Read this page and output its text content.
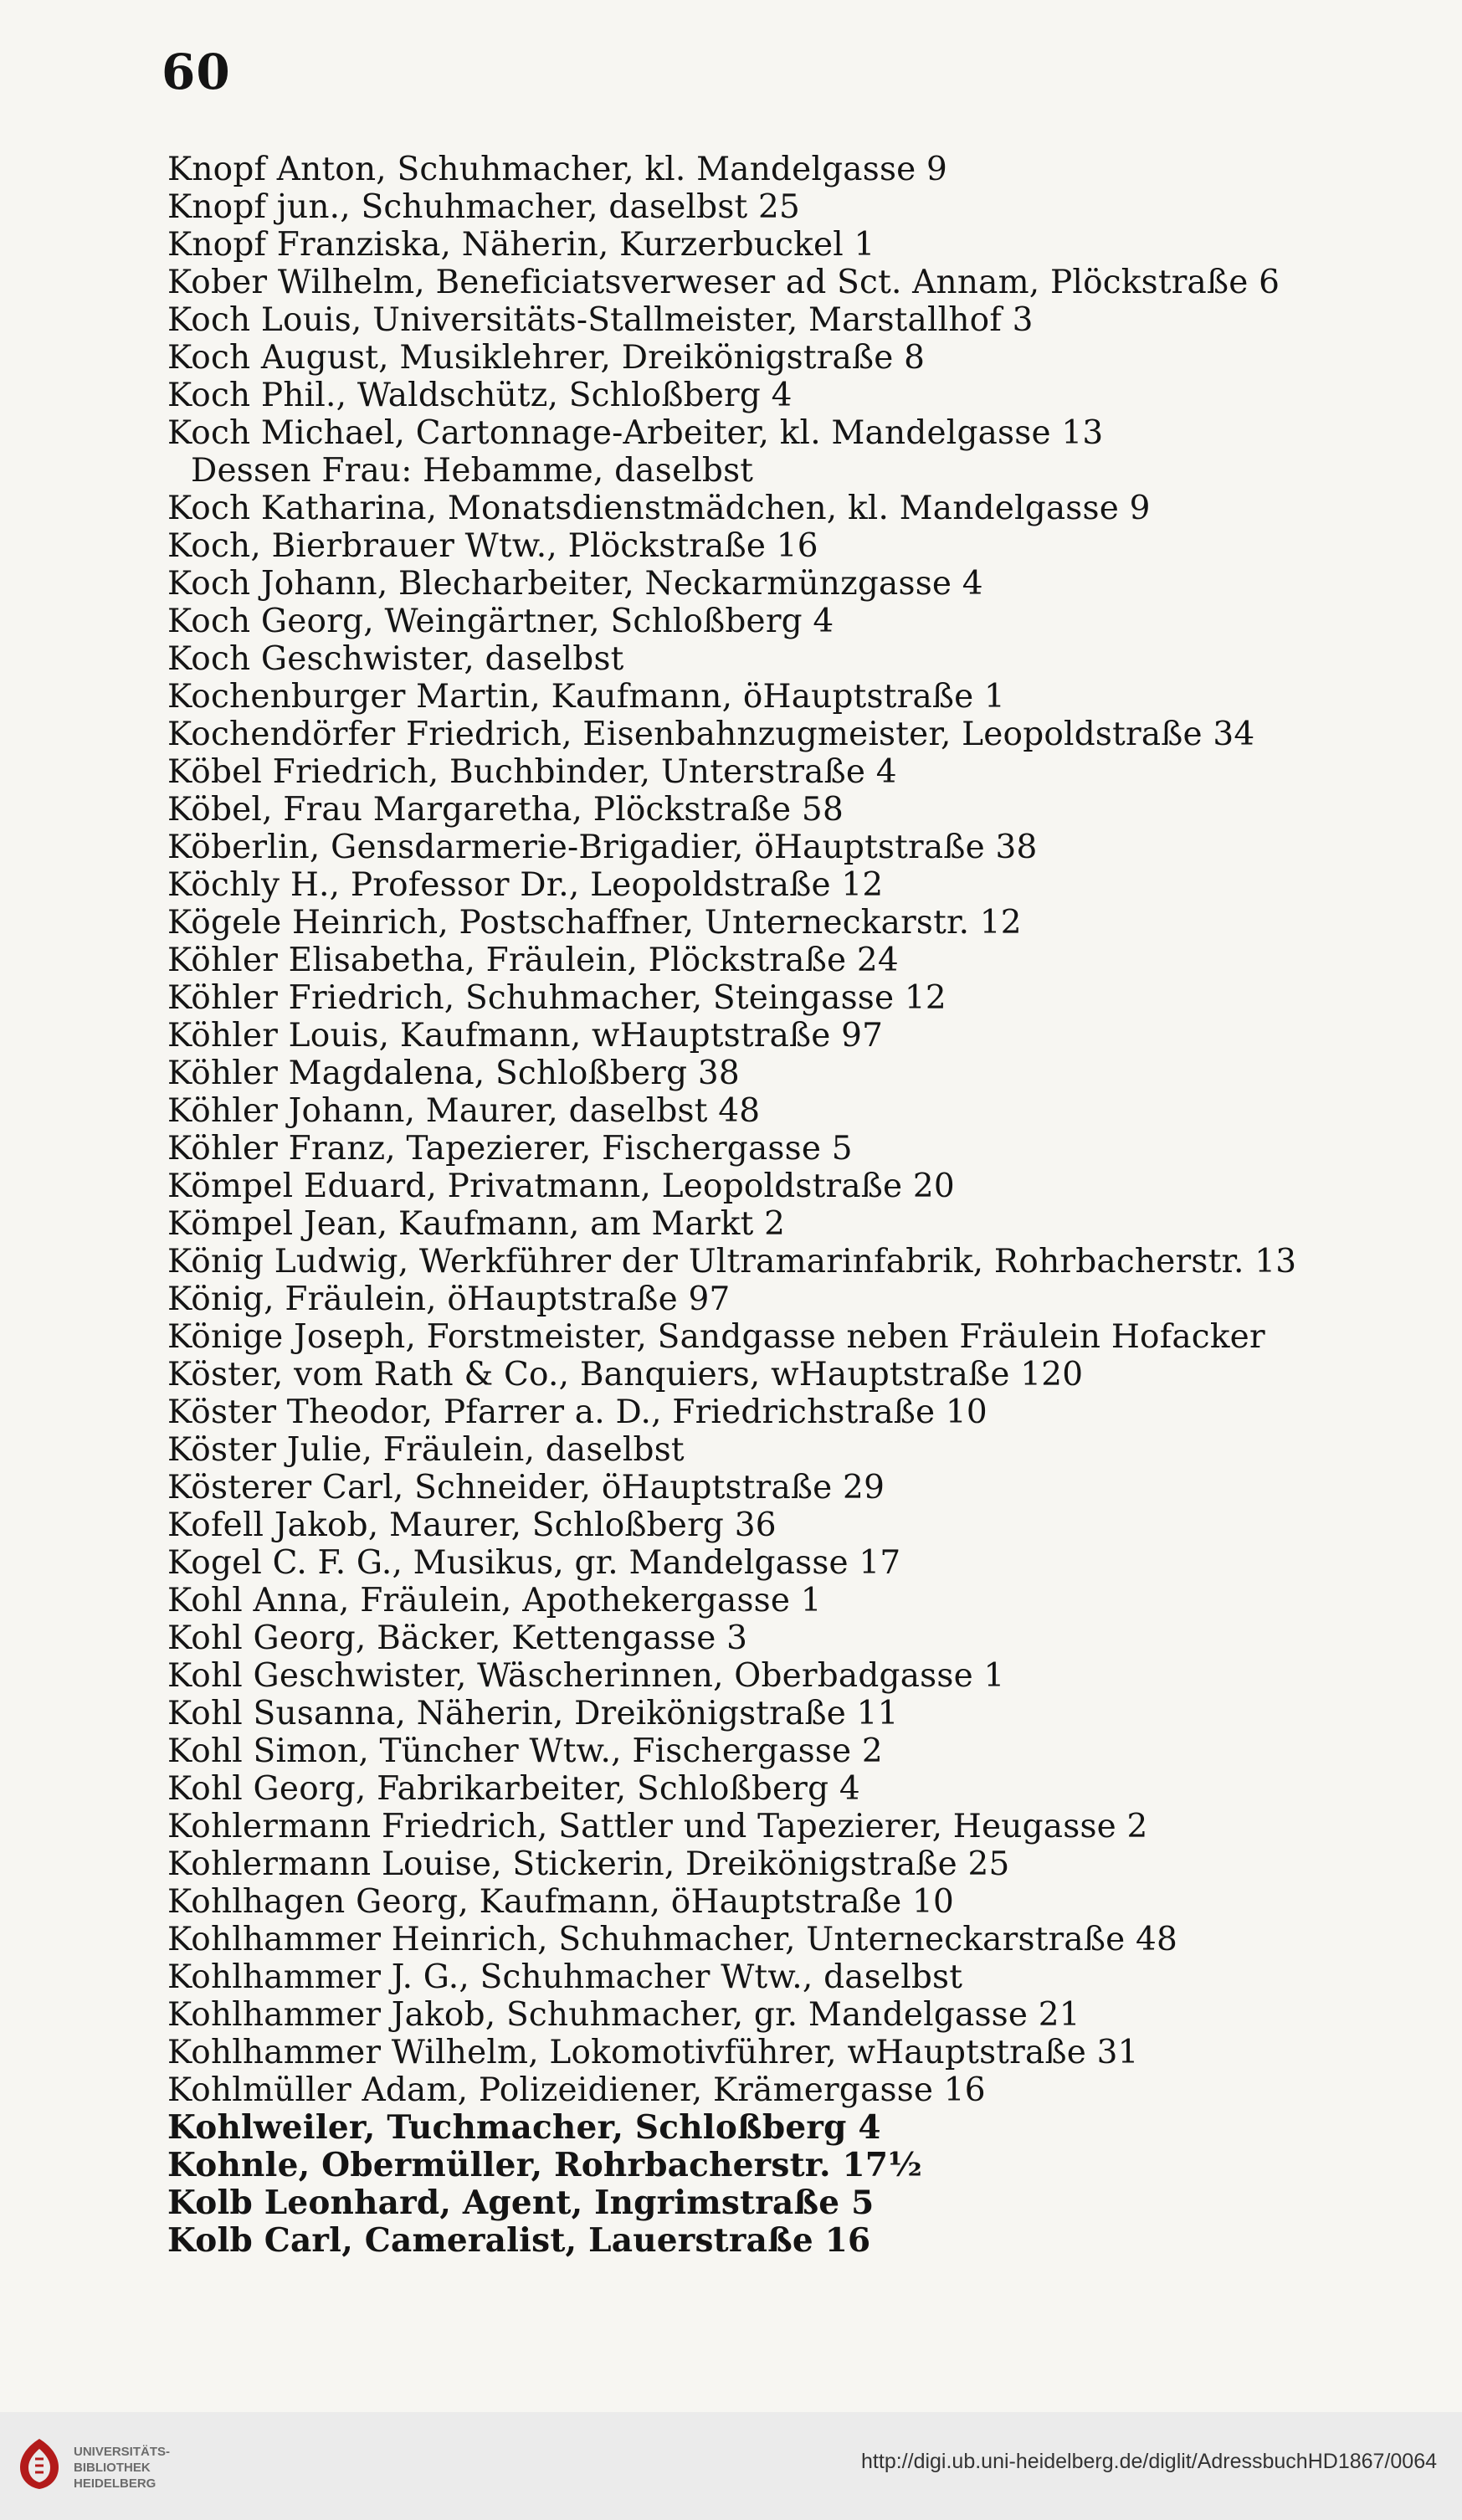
60
Knopf Anton, Schuhmacher, kl. Mandelgasse 9
Knopf jun., Schuhmacher, daselbst 25
Knopf Franziska, Näherin, Kurzerbuckel 1
Kober Wilhelm, Beneficiatsverweser ad Sct. Annam, Plöckstraße 6
Koch Louis, Universitäts-Stallmeister, Marstallhof 3
Koch August, Musiklehrer, Dreikönigstraße 8
Koch Phil., Waldschütz, Schloßberg 4
Koch Michael, Cartonnage-Arbeiter, kl. Mandelgasse 13
Dessen Frau: Hebamme, daselbst
Koch Katharina, Monatsdienstmädchen, kl. Mandelgasse 9
Koch, Bierbrauer Wtw., Plöckstraße 16
Koch Johann, Blecharbeiter, Neckarmünzgasse 4
Koch Georg, Weingärtner, Schloßberg 4
Koch Geschwister, daselbst
Kochenburger Martin, Kaufmann, öHauptstraße 1
Kochendörfer Friedrich, Eisenbahnzugmeister, Leopoldstraße 34
Köbel Friedrich, Buchbinder, Unterstraße 4
Köbel, Frau Margaretha, Plöckstraße 58
Köberlin, Gensdarmerie-Brigadier, öHauptstraße 38
Köchly H., Professor Dr., Leopoldstraße 12
Kögele Heinrich, Postschaffner, Unterneckarstr. 12
Köhler Elisabetha, Fräulein, Plöckstraße 24
Köhler Friedrich, Schuhmacher, Steingasse 12
Köhler Louis, Kaufmann, wHauptstraße 97
Köhler Magdalena, Schloßberg 38
Köhler Johann, Maurer, daselbst 48
Köhler Franz, Tapezierer, Fischergasse 5
Kömpel Eduard, Privatmann, Leopoldstraße 20
Kömpel Jean, Kaufmann, am Markt 2
König Ludwig, Werkführer der Ultramarinfabrik, Rohrbacherstr. 13
König, Fräulein, öHauptstraße 97
Könige Joseph, Forstmeister, Sandgasse neben Fräulein Hofacker
Köster, vom Rath & Co., Banquiers, wHauptstraße 120
Köster Theodor, Pfarrer a. D., Friedrichstraße 10
Köster Julie, Fräulein, daselbst
Kösterer Carl, Schneider, öHauptstraße 29
Kofell Jakob, Maurer, Schloßberg 36
Kogel C. F. G., Musikus, gr. Mandelgasse 17
Kohl Anna, Fräulein, Apothekergasse 1
Kohl Georg, Bäcker, Kettengasse 3
Kohl Geschwister, Wäscherinnen, Oberbadgasse 1
Kohl Susanna, Näherin, Dreikönigstraße 11
Kohl Simon, Tüncher Wtw., Fischergasse 2
Kohl Georg, Fabrikarbeiter, Schloßberg 4
Kohlermann Friedrich, Sattler und Tapezierer, Heugasse 2
Kohlermann Louise, Stickerin, Dreikönigstraße 25
Kohlhagen Georg, Kaufmann, öHauptstraße 10
Kohlhammer Heinrich, Schuhmacher, Unterneckarstraße 48
Kohlhammer J. G., Schuhmacher Wtw., daselbst
Kohlhammer Jakob, Schuhmacher, gr. Mandelgasse 21
Kohlhammer Wilhelm, Lokomotivführer, wHauptstraße 31
Kohlmüller Adam, Polizeidiener, Krämergasse 16
Kohlweiler, Tuchmacher, Schloßberg 4
Kohnle, Obermüller, Rohrbacherstr. 17½
Kolb Leonhard, Agent, Ingrimstraße 5
Kolb Carl, Cameralist, Lauerstraße 16
UNIVERSITÄTS-
BIBLIOTHEK
HEIDELBERG
http://digi.ub.uni-heidelberg.de/diglit/AdressbuchHD1867/0064
